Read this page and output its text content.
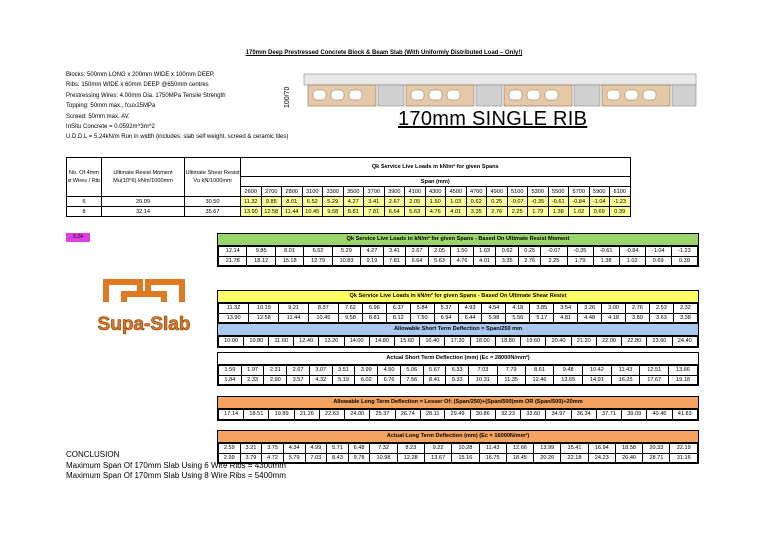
170mm Deep Prestressed Concrete Block & Beam Slab (With Uniformly Distributed Load – Only!)
Blocks: 500mm LONG x 200mm WIDE x 100mm DEEP,
Ribs: 150mm WIDE x 60mm DEEP @650mm centres
Prestressing Wires: 4.00mm Dia. 1750MPa Tensile Strength
Topping: 50mm max., fcu≥25MPa
Screed: 50mm max. AV.
InSitu Concrete = 0.0592m^3m^2
U.D.D.L = 5.24kN/m Run in width (includes: slab self weight, screed & ceramic tiles)
100/70
170mm SINGLE RIB
No. Of 4mm ø Wires / Rib	Ultimate Resist Moment Mu(10^6) kNm/1000mm	Ultimate Shear Resist Vu kN/1000mm	Qk Service Live Loads in kN/m² for given Spans																		
			Span (mm)																		
			2600	2700	2800	3100	3300	3500	3700	3900	4100	4300	4500	4700	4900	5100	5300	5500	5700	5900	6100
6	20.09	30.50	11.32	9.85	8.01	6.52	5.29	4.27	3.41	2.67	2.05	1.50	1.03	0.62	0.25	-0.07	-0.35	-0.61	-0.84	-1.04	-1.23
8	32.14	35.67	13.90	12.58	11.44	10.45	9.58	8.81	7.81	6.64	5.63	4.76	4.01	3.35	2.76	2.25	1.79	1.38	1.02	0.69	0.39
5.24
Supa-Slab
Qk Service Live Loads in kN/m² for given Spans - Based On Ultimate Resist Moment
12.14	9.85	8.01	6.52	5.29	4.27	3.41	2.67	2.05	1.50	1.03	0.62	0.25	-0.07	-0.35	-0.61	-0.84	-1.04	-1.23
21.78	18.12	15.18	12.79	10.83	9.19	7.81	6.64	5.63	4.76	4.01	3.35	2.76	2.25	1.79	1.38	1.02	0.69	0.39
Qk Service Live Loads in kN/m² for given Spans - Based On Ultimate Shear Resist
11.32	10.19	9.21	8.37	7.62	6.96	6.37	5.84	5.37	4.93	4.54	4.18	3.85	3.54	3.26	3.00	2.76	2.53	2.32
13.90	12.58	11.44	10.45	9.58	8.81	8.12	7.50	6.94	6.44	5.98	5.56	5.17	4.81	4.48	4.18	3.89	3.63	3.38
Allowable Short Term Deflection = Span/250 mm
10.00	10.80	11.60	12.40	13.20	14.00	14.80	15.60	16.40	17.20	18.00	18.80	19.60	20.40	21.20	22.00	22.80	23.60	24.40
Actual Short Term Deflection (mm) (Ec = 28000N/mm²)
1.59	1.97	2.31	2.67	3.07	3.51	3.99	4.50	5.06	5.67	6.33	7.03	7.79	8.61	9.48	10.42	11.43	12.51	13.66
1.84	2.33	2.90	3.57	4.32	5.19	6.02	6.76	7.56	8.41	9.33	10.31	11.35	12.46	13.65	14.91	16.25	17.67	19.18
Allowable Long Term Deflection = Lesser Of: (Span/250)+(Span/500)mm OR (Span/500)+20mm
17.14	18.51	19.89	21.26	22.63	24.00	25.37	26.74	28.11	29.49	30.86	32.23	33.60	34.97	36.34	37.71	39.09	40.46	41.83
Actual Long Term Deflection (mm) (Ec = 16000N/mm²)
2.59	3.21	3.75	4.34	4.99	5.71	6.48	7.32	8.23	9.22	10.28	11.43	12.66	13.99	15.41	16.94	18.58	20.33	22.19
2.99	3.79	4.72	5.79	7.03	8.43	9.78	10.98	12.28	13.67	15.16	16.75	18.45	20.26	22.18	24.23	26.40	28.71	31.16
CONCLUSION
Maximum Span Of 170mm Slab Using 6 Wire Ribs = 4300mm
Maximum Span Of 170mm Slab Using 8 Wire Ribs = 5400mm
